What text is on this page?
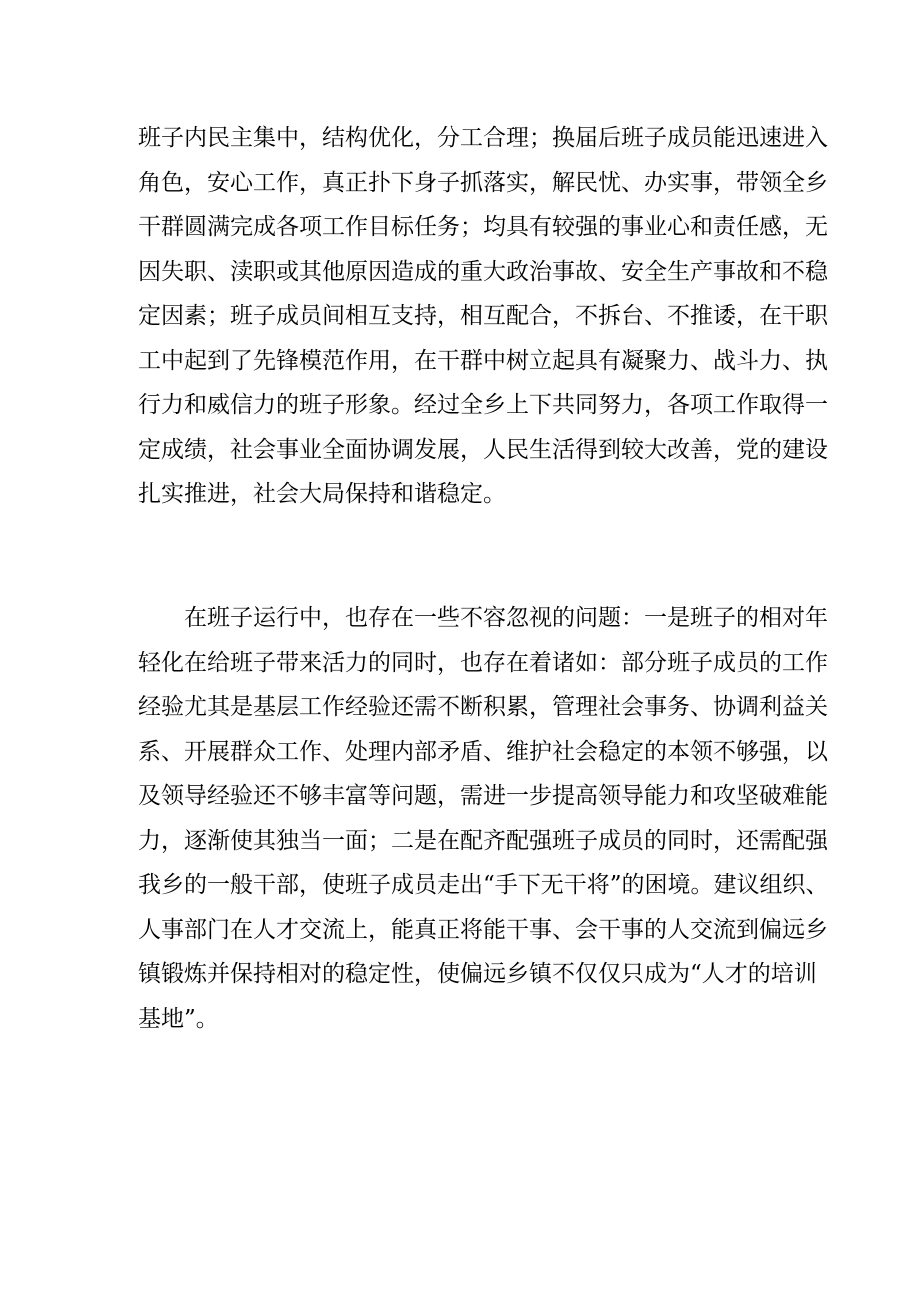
班子内民主集中，结构优化，分工合理；换届后班子成员能迅速进入
角色，安心工作，真正扑下身子抓落实，解民忧、办实事，带领全乡
干群圆满完成各项工作目标任务；均具有较强的事业心和责任感，无
因失职、渎职或其他原因造成的重大政治事故、安全生产事故和不稳
定因素；班子成员间相互支持，相互配合，不拆台、不推诿，在干职
工中起到了先锋模范作用，在干群中树立起具有凝聚力、战斗力、执
行力和威信力的班子形象。经过全乡上下共同努力，各项工作取得一
定成绩，社会事业全面协调发展，人民生活得到较大改善，党的建设
扎实推进，社会大局保持和谐稳定。

　　在班子运行中，也存在一些不容忽视的问题：一是班子的相对年
轻化在给班子带来活力的同时，也存在着诸如：部分班子成员的工作
经验尤其是基层工作经验还需不断积累，管理社会事务、协调利益关
系、开展群众工作、处理内部矛盾、维护社会稳定的本领不够强，以
及领导经验还不够丰富等问题，需进一步提高领导能力和攻坚破难能
力，逐渐使其独当一面；二是在配齐配强班子成员的同时，还需配强
我乡的一般干部，使班子成员走出“手下无干将”的困境。建议组织、
人事部门在人才交流上，能真正将能干事、会干事的人交流到偏远乡
镇锻炼并保持相对的稳定性，使偏远乡镇不仅仅只成为“人才的培训
基地”。
